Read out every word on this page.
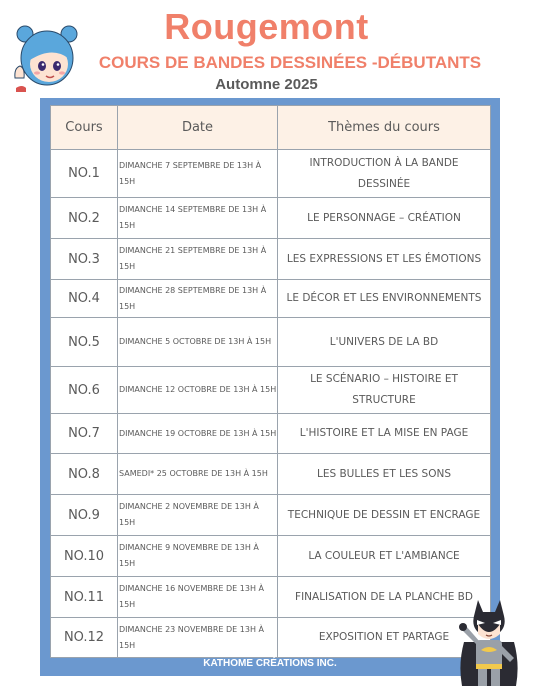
Rougemont
COURS DE BANDES DESSINÉES -DÉBUTANTS
Automne 2025
Cours	Date	Thèmes du cours
NO.1	DIMANCHE 7 SEPTEMBRE DE 13H À 15H	INTRODUCTION À LA BANDE DESSINÉE
NO.2	DIMANCHE 14 SEPTEMBRE DE 13H À 15H	LE PERSONNAGE – CRÉATION
NO.3	DIMANCHE 21 SEPTEMBRE DE 13H À 15H	LES EXPRESSIONS ET LES ÉMOTIONS
NO.4	DIMANCHE 28 SEPTEMBRE DE 13H À 15H	LE DÉCOR ET LES ENVIRONNEMENTS
NO.5	DIMANCHE 5 OCTOBRE DE 13H À 15H	L'UNIVERS DE LA BD
NO.6	DIMANCHE 12 OCTOBRE DE 13H À 15H	LE SCÉNARIO – HISTOIRE ET STRUCTURE
NO.7	DIMANCHE 19 OCTOBRE DE 13H À 15H	L'HISTOIRE ET LA MISE EN PAGE
NO.8	SAMEDI* 25 OCTOBRE DE 13H À 15H	LES BULLES ET LES SONS
NO.9	DIMANCHE 2 NOVEMBRE DE 13H À 15H	TECHNIQUE DE DESSIN ET ENCRAGE
NO.10	DIMANCHE 9 NOVEMBRE DE 13H À 15H	LA COULEUR ET L'AMBIANCE
NO.11	DIMANCHE 16 NOVEMBRE DE 13H À 15H	FINALISATION DE LA PLANCHE BD
NO.12	DIMANCHE 23 NOVEMBRE DE 13H À 15H	EXPOSITION ET PARTAGE
KATHOME CRÉATIONS INC.
